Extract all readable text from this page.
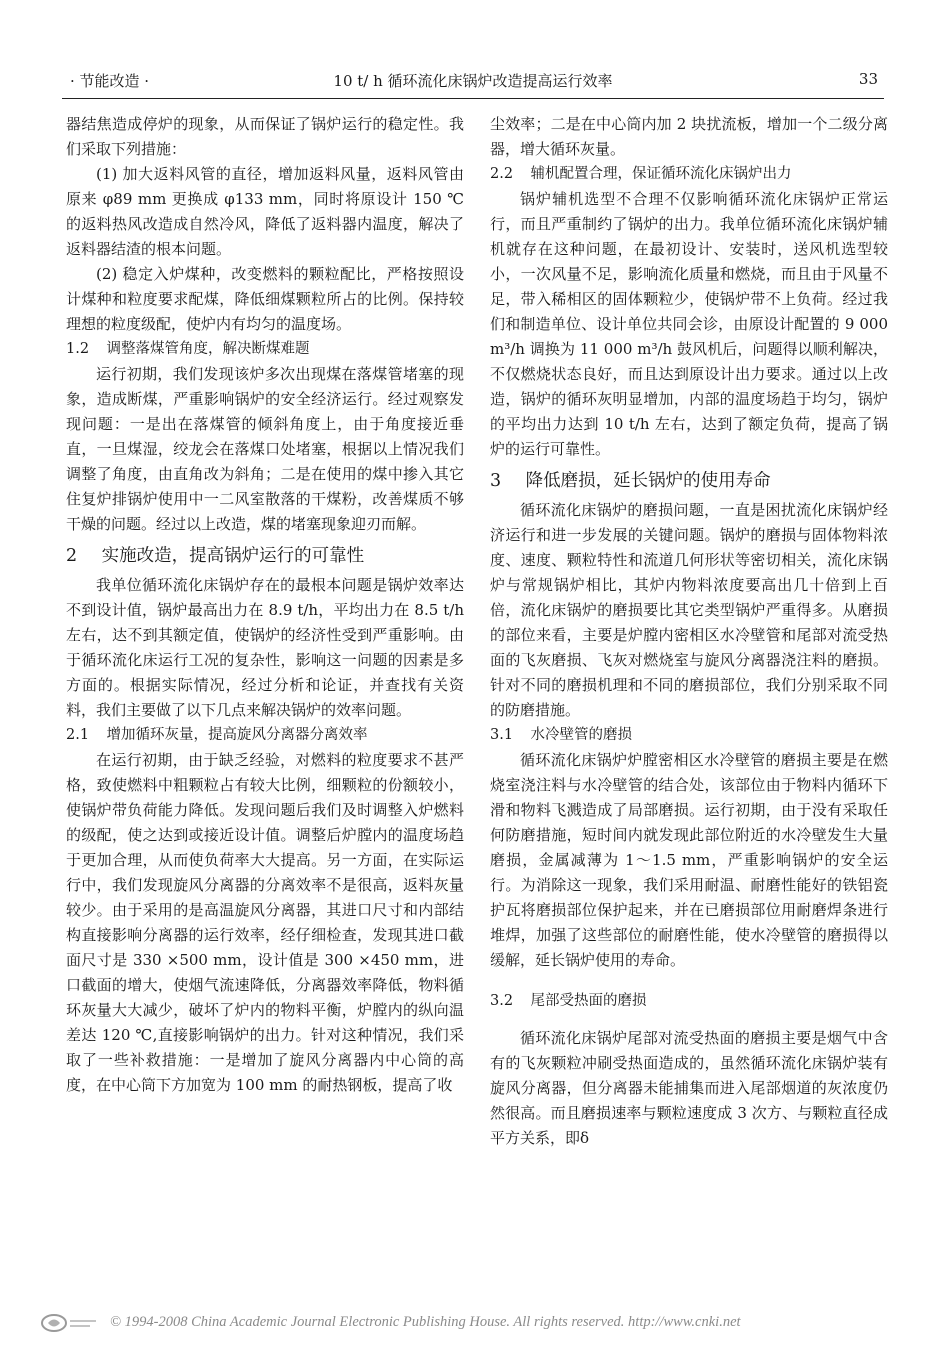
· 节能改造 ·	10 t/ h 循环流化床锅炉改造提高运行效率	33

器结焦造成停炉的现象，从而保证了锅炉运行的稳定性。我们采取下列措施：

(1) 加大返料风管的直径，增加返料风量，返料风管由原来 φ89 mm 更换成 φ133 mm，同时将原设计 150 ℃的返料热风改造成自然冷风，降低了返料器内温度，解决了返料器结渣的根本问题。

(2) 稳定入炉煤种，改变燃料的颗粒配比，严格按照设计煤种和粒度要求配煤，降低细煤颗粒所占的比例。保持较理想的粒度级配，使炉内有均匀的温度场。

1.2 调整落煤管角度，解决断煤难题

运行初期，我们发现该炉多次出现煤在落煤管堵塞的现象，造成断煤，严重影响锅炉的安全经济运行。经过观察发现问题：一是出在落煤管的倾斜角度上，由于角度接近垂直，一旦煤湿，绞龙会在落煤口处堵塞，根据以上情况我们调整了角度，由直角改为斜角；二是在使用的煤中掺入其它住复炉排锅炉使用中一二风室散落的干煤粉，改善煤质不够干燥的问题。经过以上改造，煤的堵塞现象迎刃而解。

2 实施改造，提高锅炉运行的可靠性

我单位循环流化床锅炉存在的最根本问题是锅炉效率达不到设计值，锅炉最高出力在 8.9 t/h，平均出力在 8.5 t/h 左右，达不到其额定值，使锅炉的经济性受到严重影响。由于循环流化床运行工况的复杂性，影响这一问题的因素是多方面的。根据实际情况，经过分析和论证，并查找有关资料，我们主要做了以下几点来解决锅炉的效率问题。

2.1 增加循环灰量，提高旋风分离器分离效率

在运行初期，由于缺乏经验，对燃料的粒度要求不甚严格，致使燃料中粗颗粒占有较大比例，细颗粒的份额较小，使锅炉带负荷能力降低。发现问题后我们及时调整入炉燃料的级配，使之达到或接近设计值。调整后炉膛内的温度场趋于更加合理，从而使负荷率大大提高。另一方面，在实际运行中，我们发现旋风分离器的分离效率不是很高，返料灰量较少。由于采用的是高温旋风分离器，其进口尺寸和内部结构直接影响分离器的运行效率，经仔细检查，发现其进口截面尺寸是 330 ×500 mm，设计值是 300 ×450 mm，进口截面的增大，使烟气流速降低，分离器效率降低，物料循环灰量大大减少，破坏了炉内的物料平衡，炉膛内的纵向温差达 120 ℃,直接影响锅炉的出力。针对这种情况，我们采取了一些补救措施：一是增加了旋风分离器内中心筒的高度，在中心筒下方加宽为 100 mm 的耐热钢板，提高了收

尘效率；二是在中心筒内加 2 块扰流板，增加一个二级分离器，增大循环灰量。

2.2 辅机配置合理，保证循环流化床锅炉出力

锅炉辅机选型不合理不仅影响循环流化床锅炉正常运行，而且严重制约了锅炉的出力。我单位循环流化床锅炉辅机就存在这种问题，在最初设计、安装时，送风机选型较小，一次风量不足，影响流化质量和燃烧，而且由于风量不足，带入稀相区的固体颗粒少，使锅炉带不上负荷。经过我们和制造单位、设计单位共同会诊，由原设计配置的 9 000 m³/h 调换为 11 000 m³/h 鼓风机后，问题得以顺利解决，不仅燃烧状态良好，而且达到原设计出力要求。通过以上改造，锅炉的循环灰明显增加，内部的温度场趋于均匀，锅炉的平均出力达到 10 t/h 左右，达到了额定负荷，提高了锅炉的运行可靠性。

3 降低磨损，延长锅炉的使用寿命

循环流化床锅炉的磨损问题，一直是困扰流化床锅炉经济运行和进一步发展的关键问题。锅炉的磨损与固体物料浓度、速度、颗粒特性和流道几何形状等密切相关，流化床锅炉与常规锅炉相比，其炉内物料浓度要高出几十倍到上百倍，流化床锅炉的磨损要比其它类型锅炉严重得多。从磨损的部位来看，主要是炉膛内密相区水冷壁管和尾部对流受热面的飞灰磨损、飞灰对燃烧室与旋风分离器浇注料的磨损。针对不同的磨损机理和不同的磨损部位，我们分别采取不同的防磨措施。

3.1 水冷壁管的磨损

循环流化床锅炉炉膛密相区水冷壁管的磨损主要是在燃烧室浇注料与水冷壁管的结合处，该部位由于物料内循环下滑和物料飞溅造成了局部磨损。运行初期，由于没有采取任何防磨措施，短时间内就发现此部位附近的水冷壁发生大量磨损，金属减薄为 1～1.5 mm，严重影响锅炉的安全运行。为消除这一现象，我们采用耐温、耐磨性能好的铁铝瓷护瓦将磨损部位保护起来，并在已磨损部位用耐磨焊条进行堆焊，加强了这些部位的耐磨性能，使水冷壁管的磨损得以缓解，延长锅炉使用的寿命。

3.2 尾部受热面的磨损

循环流化床锅炉尾部对流受热面的磨损主要是烟气中含有的飞灰颗粒冲刷受热面造成的，虽然循环流化床锅炉装有旋风分离器，但分离器未能捕集而进入尾部烟道的灰浓度仍然很高。而且磨损速率与颗粒速度成 3 次方、与颗粒直径成平方关系，即δ

© 1994-2008 China Academic Journal Electronic Publishing House. All rights reserved. http://www.cnki.net
